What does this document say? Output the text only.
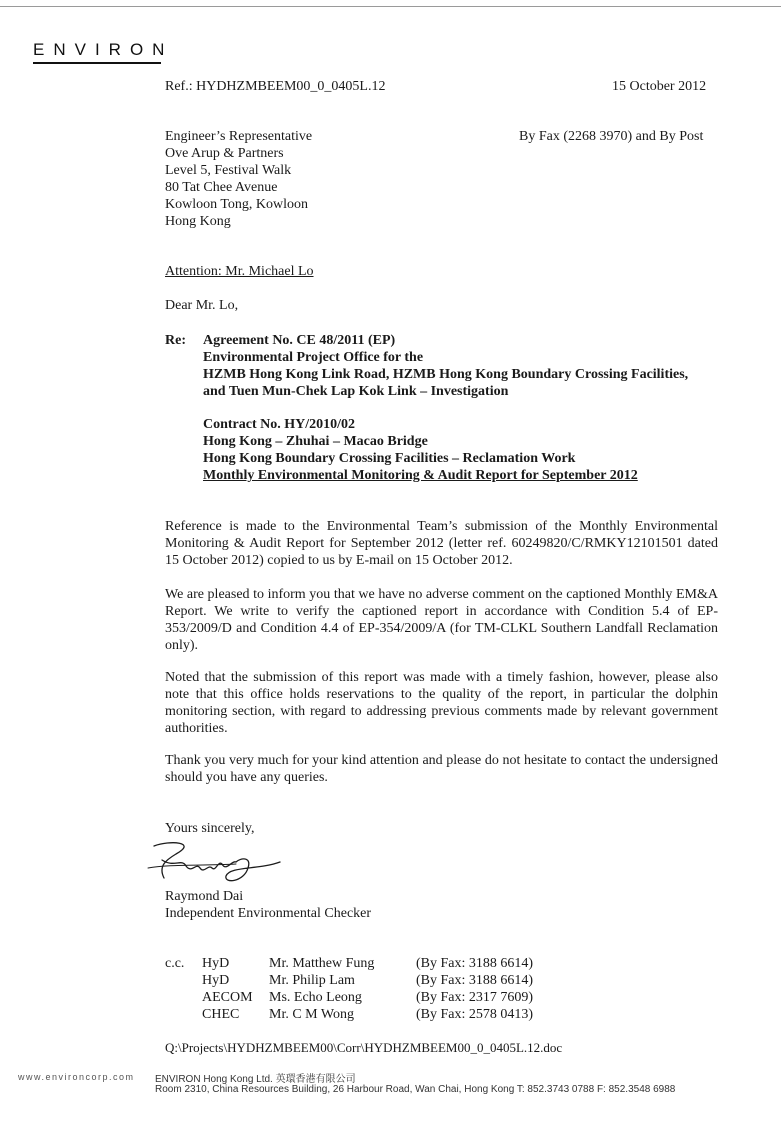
ENVIRON
Ref.: HYDHZMBEEM00_0_0405L.12	15 October 2012
Engineer’s Representative
Ove Arup & Partners
Level 5, Festival Walk
80 Tat Chee Avenue
Kowloon Tong, Kowloon
Hong Kong
By Fax (2268 3970) and By Post
Attention: Mr. Michael Lo
Dear Mr. Lo,
Re: Agreement No. CE 48/2011 (EP)
Environmental Project Office for the
HZMB Hong Kong Link Road, HZMB Hong Kong Boundary Crossing Facilities,
and Tuen Mun-Chek Lap Kok Link – Investigation
Contract No. HY/2010/02
Hong Kong – Zhuhai – Macao Bridge
Hong Kong Boundary Crossing Facilities – Reclamation Work
Monthly Environmental Monitoring & Audit Report for September 2012
Reference is made to the Environmental Team’s submission of the Monthly Environmental Monitoring & Audit Report for September 2012 (letter ref. 60249820/C/RMKY12101501 dated 15 October 2012) copied to us by E-mail on 15 October 2012.
We are pleased to inform you that we have no adverse comment on the captioned Monthly EM&A Report. We write to verify the captioned report in accordance with Condition 5.4 of EP-353/2009/D and Condition 4.4 of EP-354/2009/A (for TM-CLKL Southern Landfall Reclamation only).
Noted that the submission of this report was made with a timely fashion, however, please also note that this office holds reservations to the quality of the report, in particular the dolphin monitoring section, with regard to addressing previous comments made by relevant government authorities.
Thank you very much for your kind attention and please do not hesitate to contact the undersigned should you have any queries.
Yours sincerely,
Raymond Dai
Independent Environmental Checker
c.c. HyD	Mr. Matthew Fung	(By Fax: 3188 6614)
HyD	Mr. Philip Lam	(By Fax: 3188 6614)
AECOM Ms. Echo Leong	(By Fax: 2317 7609)
CHEC Mr. C M Wong	(By Fax: 2578 0413)
Q:\Projects\HYDHZMBEEM00\Corr\HYDHZMBEEM00_0_0405L.12.doc
www.environcorp.com ENVIRON Hong Kong Ltd. 英環香港有限公司
Room 2310, China Resources Building, 26 Harbour Road, Wan Chai, Hong Kong T: 852.3743 0788 F: 852.3548 6988
